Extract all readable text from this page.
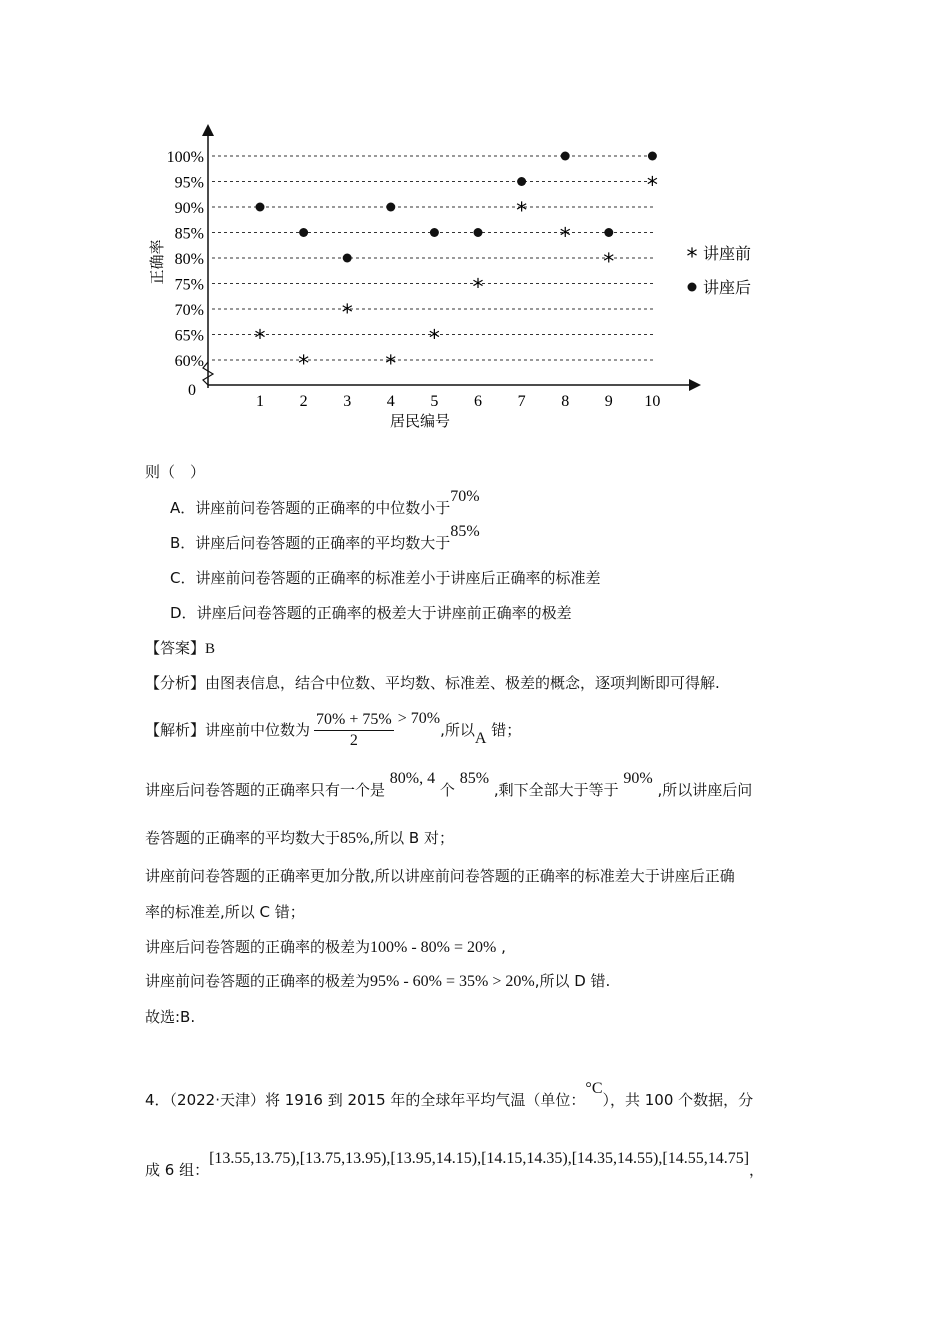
0
正确率
居民编号
100%
95%
90%
85%
80%
75%
70%
65%
60%
1 2 3 4 5 6 7 8 9 10
*
*
*
*
*
*
*
*
*
*
* 讲座前
讲座后
则（　）
A．讲座前问卷答题的正确率的中位数小于70%
B．讲座后问卷答题的正确率的平均数大于85%
C．讲座前问卷答题的正确率的标准差小于讲座后正确率的标准差
D．讲座后问卷答题的正确率的极差大于讲座前正确率的极差
【答案】B
【分析】由图表信息，结合中位数、平均数、标准差、极差的概念，逐项判断即可得解.
【解析】讲座前中位数为 $\frac{70\% + 75\%}{2} > 70\%$,所以A 错；
讲座后问卷答题的正确率只有一个是 80%, 4 个 85% ,剩下全部大于等于 90% ,所以讲座后问
卷答题的正确率的平均数大于85%,所以 B 对；
讲座前问卷答题的正确率更加分散,所以讲座前问卷答题的正确率的标准差大于讲座后正确
率的标准差,所以 C 错；
讲座后问卷答题的正确率的极差为100% - 80% = 20% ,
讲座前问卷答题的正确率的极差为95% - 60% = 35% > 20%,所以 D 错.
故选:B.
4．（2022·天津）将 1916 到 2015 年的全球年平均气温（单位：°C），共 100 个数据，分
成 6 组：[13.55,13.75),[13.75,13.95),[13.95,14.15),[14.15,14.35),[14.35,14.55),[14.55,14.75]，
